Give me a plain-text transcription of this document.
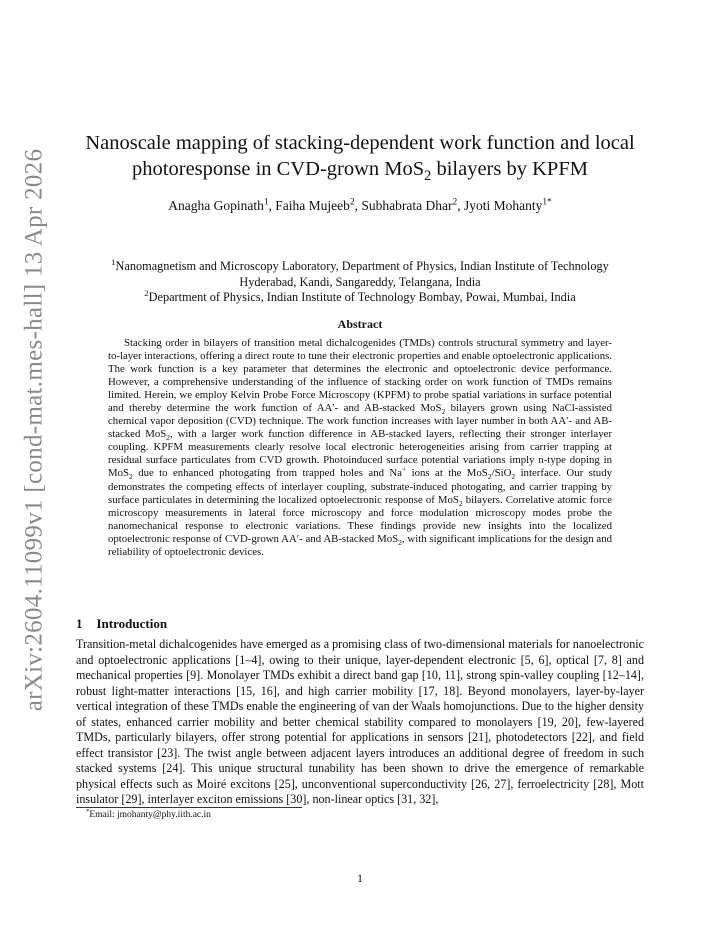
arXiv:2604.11099v1 [cond-mat.mes-hall] 13 Apr 2026
Nanoscale mapping of stacking-dependent work function and local
photoresponse in CVD-grown MoS$_2$ bilayers by KPFM
Anagha Gopinath$^1$, Faiha Mujeeb$^2$, Subhabrata Dhar$^2$, Jyoti Mohanty$^{1*}$
$^1$Nanomagnetism and Microscopy Laboratory, Department of Physics, Indian Institute of Technology
Hyderabad, Kandi, Sangareddy, Telangana, India
$^2$Department of Physics, Indian Institute of Technology Bombay, Powai, Mumbai, India
Abstract
Stacking order in bilayers of transition metal dichalcogenides (TMDs) controls structural symmetry and layer-to-layer interactions, offering a direct route to tune their electronic properties and enable optoelectronic applications. The work function is a key parameter that determines the electronic and optoelectronic device performance. However, a comprehensive understanding of the influence of stacking order on work function of TMDs remains limited. Herein, we employ Kelvin Probe Force Microscopy (KPFM) to probe spatial variations in surface potential and thereby determine the work function of AA′- and AB-stacked MoS$_2$ bilayers grown using NaCl-assisted chemical vapor deposition (CVD) technique. The work function increases with layer number in both AA′- and AB-stacked MoS$_2$, with a larger work function difference in AB-stacked layers, reflecting their stronger interlayer coupling. KPFM measurements clearly resolve local electronic heterogeneities arising from carrier trapping at residual surface particulates from CVD growth. Photoinduced surface potential variations imply n-type doping in MoS$_2$ due to enhanced photogating from trapped holes and Na+ ions at the MoS$_2$/SiO$_2$ interface. Our study demonstrates the competing effects of interlayer coupling, substrate-induced photogating, and carrier trapping by surface particulates in determining the localized optoelectronic response of MoS$_2$ bilayers. Correlative atomic force microscopy measurements in lateral force microscopy and force modulation microscopy modes probe the nanomechanical response to electronic variations. These findings provide new insights into the localized optoelectronic response of CVD-grown AA′- and AB-stacked MoS$_2$, with significant implications for the design and reliability of optoelectronic devices.
1 Introduction
Transition-metal dichalcogenides have emerged as a promising class of two-dimensional materials for nanoelectronic and optoelectronic applications [1–4], owing to their unique, layer-dependent electronic [5, 6], optical [7, 8] and mechanical properties [9]. Monolayer TMDs exhibit a direct band gap [10, 11], strong spin-valley coupling [12–14], robust light-matter interactions [15, 16], and high carrier mobility [17, 18]. Beyond monolayers, layer-by-layer vertical integration of these TMDs enable the engineering of van der Waals homojunctions. Due to the higher density of states, enhanced carrier mobility and better chemical stability compared to monolayers [19, 20], few-layered TMDs, particularly bilayers, offer strong potential for applications in sensors [21], photodetectors [22], and field effect transistor [23]. The twist angle between adjacent layers introduces an additional degree of freedom in such stacked systems [24]. This unique structural tunability has been shown to drive the emergence of remarkable physical effects such as Moiré excitons [25], unconventional superconductivity [26, 27], ferroelectricity [28], Mott insulator [29], interlayer exciton emissions [30], non-linear optics [31, 32],
*Email: jmohanty@phy.iith.ac.in
1
